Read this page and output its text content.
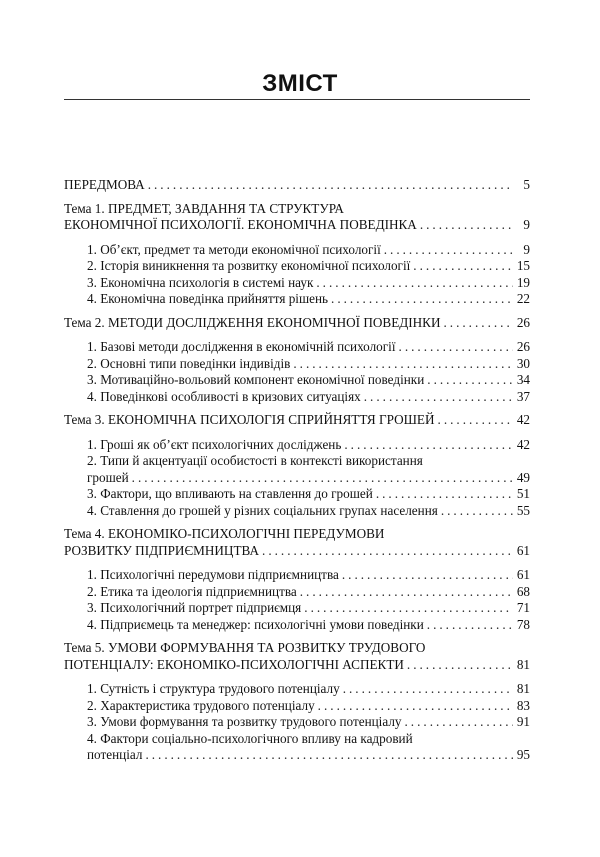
ЗМІСТ
ПЕРЕДМОВА .....	5
Тема 1. ПРЕДМЕТ, ЗАВДАННЯ ТА СТРУКТУРА
ЕКОНОМІЧНОЇ ПСИХОЛОГІЇ. ЕКОНОМІЧНА ПОВЕДІНКА .....	9
1. Об’єкт, предмет та методи економічної психології .....	9
2. Історія виникнення та розвитку економічної психології .....	15
3. Економічна психологія в системі наук .....	19
4. Економічна поведінка прийняття рішень .....	22
Тема 2. МЕТОДИ ДОСЛІДЖЕННЯ ЕКОНОМІЧНОЇ ПОВЕДІНКИ .....	26
1. Базові методи дослідження в економічній психології .....	26
2. Основні типи поведінки індивідів .....	30
3. Мотиваційно-вольовий компонент економічної поведінки .....	34
4. Поведінкові особливості в кризових ситуаціях .....	37
Тема 3. ЕКОНОМІЧНА ПСИХОЛОГІЯ СПРИЙНЯТТЯ ГРОШЕЙ .....	42
1. Гроші як об’єкт психологічних досліджень .....	42
2. Типи й акцентуації особистості в контексті використання
грошей .....	49
3. Фактори, що впливають на ставлення до грошей .....	51
4. Ставлення до грошей у різних соціальних групах населення .....	55
Тема 4. ЕКОНОМІКО-ПСИХОЛОГІЧНІ ПЕРЕДУМОВИ
РОЗВИТКУ ПІДПРИЄМНИЦТВА .....	61
1. Психологічні передумови підприємництва .....	61
2. Етика та ідеологія підприємництва .....	68
3. Психологічний портрет підприємця .....	71
4. Підприємець та менеджер: психологічні умови поведінки .....	78
Тема 5. УМОВИ ФОРМУВАННЯ ТА РОЗВИТКУ ТРУДОВОГО
ПОТЕНЦІАЛУ: ЕКОНОМІКО-ПСИХОЛОГІЧНІ АСПЕКТИ .....	81
1. Сутність і структура трудового потенціалу .....	81
2. Характеристика трудового потенціалу .....	83
3. Умови формування та розвитку трудового потенціалу .....	91
4. Фактори соціально-психологічного впливу на кадровий
потенціал .....	95
